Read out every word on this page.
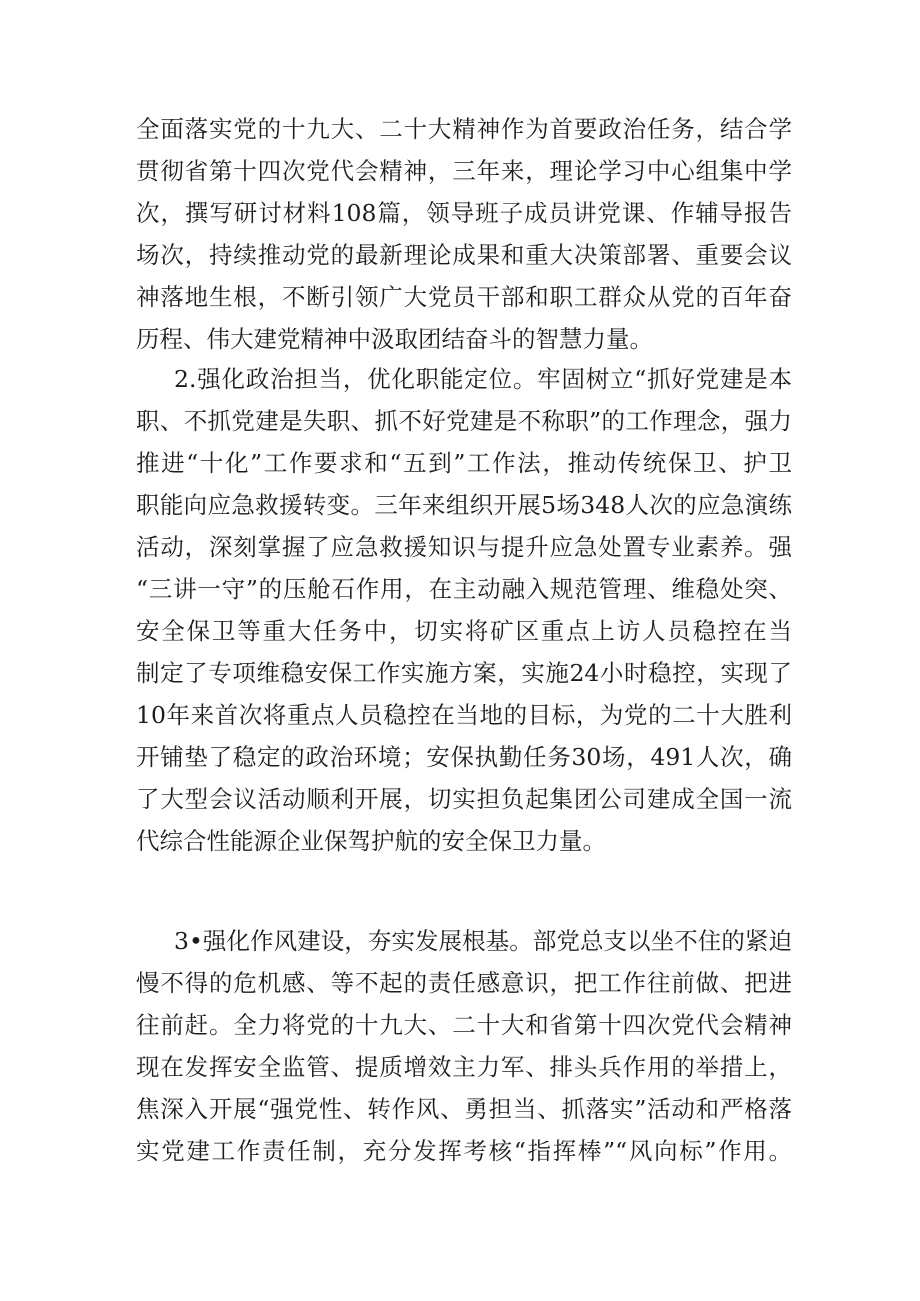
全面落实党的十九大、二十大精神作为首要政治任务，结合学
贯彻省第十四次党代会精神，三年来，理论学习中心组集中学
次，撰写研讨材料108篇，领导班子成员讲党课、作辅导报告
场次，持续推动党的最新理论成果和重大决策部署、重要会议
神落地生根，不断引领广大党员干部和职工群众从党的百年奋
历程、伟大建党精神中汲取团结奋斗的智慧力量。
2.强化政治担当，优化职能定位。牢固树立“抓好党建是本
职、不抓党建是失职、抓不好党建是不称职”的工作理念，强力
推进“十化”工作要求和“五到”工作法，推动传统保卫、护卫
职能向应急救援转变。三年来组织开展5场348人次的应急演练
活动，深刻掌握了应急救援知识与提升应急处置专业素养。强
“三讲一守”的压舱石作用，在主动融入规范管理、维稳处突、
安全保卫等重大任务中，切实将矿区重点上访人员稳控在当
制定了专项维稳安保工作实施方案，实施24小时稳控，实现了
10年来首次将重点人员稳控在当地的目标，为党的二十大胜利
开铺垫了稳定的政治环境；安保执勤任务30场，491人次，确
了大型会议活动顺利开展，切实担负起集团公司建成全国一流
代综合性能源企业保驾护航的安全保卫力量。
3•强化作风建设，夯实发展根基。部党总支以坐不住的紧迫
慢不得的危机感、等不起的责任感意识，把工作往前做、把进
往前赶。全力将党的十九大、二十大和省第十四次党代会精神
现在发挥安全监管、提质增效主力军、排头兵作用的举措上，
焦深入开展“强党性、转作风、勇担当、抓落实”活动和严格落
实党建工作责任制，充分发挥考核“指挥棒”“风向标”作用。
